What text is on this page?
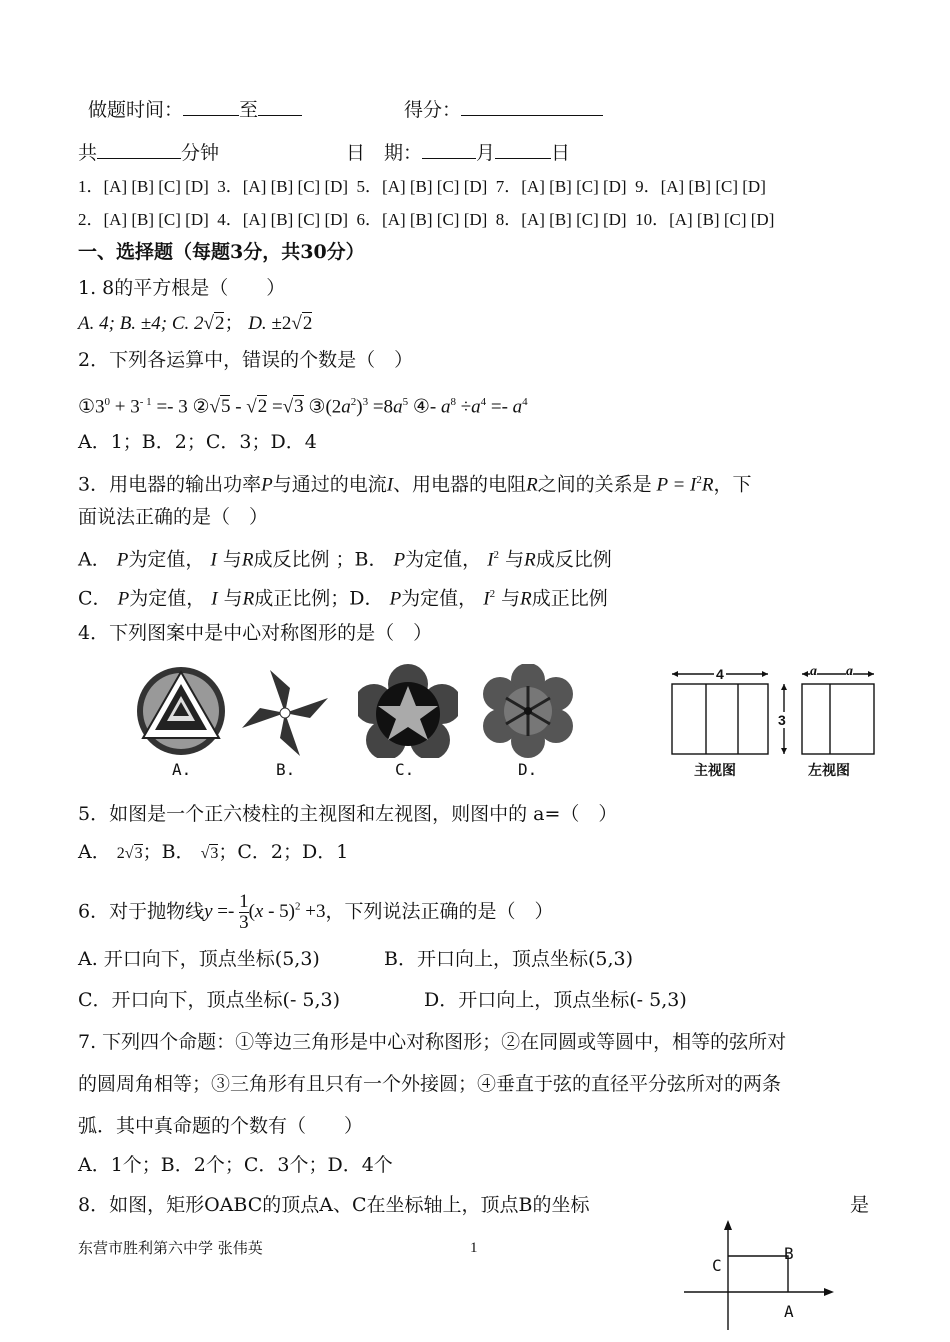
做题时间：	至	得分：
共	分钟	日　期：	月	日
1．[A] [B] [C] [D]  3．[A] [B] [C] [D]  5．[A] [B] [C] [D]  7．[A] [B] [C] [D]  9．[A] [B] [C] [D]
2．[A] [B] [C] [D]  4．[A] [B] [C] [D]  6．[A] [B] [C] [D]  8．[A] [B] [C] [D]  10．[A] [B] [C] [D]
一、选择题（每题3分，共30分）
1. 8的平方根是（　　）
A. 4; B. ±4; C. 2√2； D. ±2√2
2．下列各运算中，错误的个数是（　）
$①3^0 + 3^{- 1} =- 3$ ②√5 - √2 =√3 $③(2a^2)^3 =8a^5$ ④- $a^8 \div a^4 =- a^4$
A．1；B．2；C．3；D．4
3．用电器的输出功率P与通过的电流I、用电器的电阻R之间的关系是 $P = I^2R$，下
面说法正确的是（　）
A． P为定值， I 与R成反比例 ；B． P为定值， $I^2$ 与R成反比例
C． P为定值， I 与R成正比例；D． P为定值， $I^2$ 与R成正比例
4．下列图案中是中心对称图形的是（　）
A.	B.	C.	D.
4
3
a a
主视图	左视图
5．如图是一个正六棱柱的主视图和左视图，则图中的 a=（　）
A． 2√3；B． √3；C．2；D．1
6．对于抛物线$y =- \frac{1}{3} (x - 5)^2 +3$，下列说法正确的是（　）
A. 开口向下，顶点坐标(5,3)	B．开口向上，顶点坐标(5,3)
C．开口向下，顶点坐标(- 5,3)	D．开口向上，顶点坐标(- 5,3)
7. 下列四个命题：①等边三角形是中心对称图形；②在同圆或等圆中，相等的弦所对
的圆周角相等；③三角形有且只有一个外接圆；④垂直于弦的直径平分弦所对的两条
弧．其中真命题的个数有（　　）
A．1个；B．2个；C．3个；D．4个
8．如图，矩形OABC的顶点A、C在坐标轴上，顶点B的坐标	是
C
B
A
东营市胜利第六中学 张伟英	1
